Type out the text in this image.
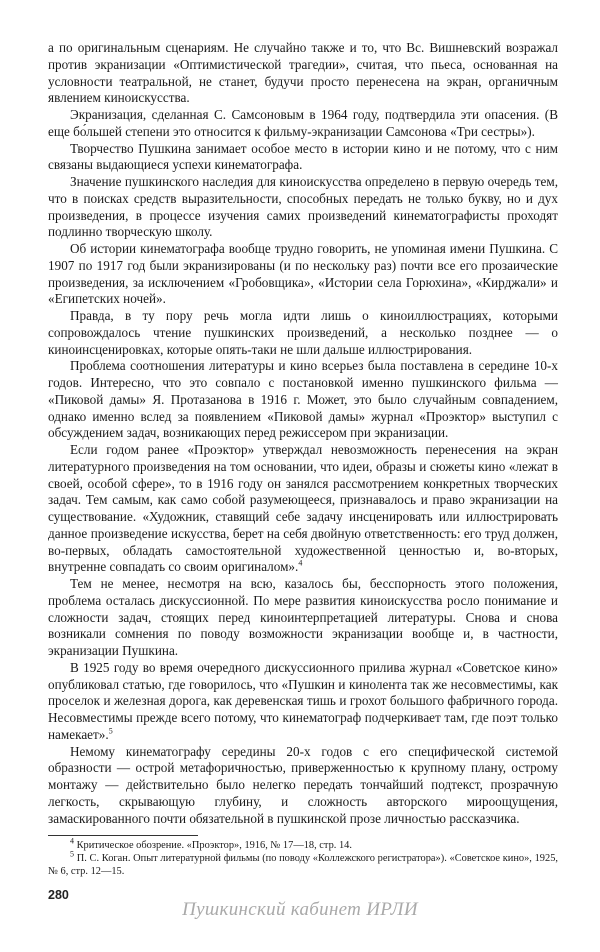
а по оригинальным сценариям. Не случайно также и то, что Вс. Вишневский возражал против экранизации «Оптимистической трагедии», считая, что пьеса, основанная на условности театральной, не станет, будучи просто перенесена на экран, органичным явлением киноискусства.

Экранизация, сделанная С. Самсоновым в 1964 году, подтвердила эти опасения. (В еще бо́льшей степени это относится к фильму-экранизации Самсонова «Три сестры»).

Творчество Пушкина занимает особое место в истории кино и не потому, что с ним связаны выдающиеся успехи кинематографа.

Значение пушкинского наследия для киноискусства определено в первую очередь тем, что в поисках средств выразительности, способных передать не только букву, но и дух произведения, в процессе изучения самих произведений кинематографисты проходят подлинно творческую школу.

Об истории кинематографа вообще трудно говорить, не упоминая имени Пушкина. С 1907 по 1917 год были экранизированы (и по нескольку раз) почти все его прозаические произведения, за исключением «Гробовщика», «Истории села Горюхина», «Кирджали» и «Египетских ночей».

Правда, в ту пору речь могла идти лишь о киноиллюстрациях, которыми сопровождалось чтение пушкинских произведений, а несколько позднее — о киноинсценировках, которые опять-таки не шли дальше иллюстрирования.

Проблема соотношения литературы и кино всерьез была поставлена в середине 10-х годов. Интересно, что это совпало с постановкой именно пушкинского фильма — «Пиковой дамы» Я. Протазанова в 1916 г. Может, это было случайным совпадением, однако именно вслед за появлением «Пиковой дамы» журнал «Проэктор» выступил с обсуждением задач, возникающих перед режиссером при экранизации.

Если годом ранее «Проэктор» утверждал невозможность перенесения на экран литературного произведения на том основании, что идеи, образы и сюжеты кино «лежат в своей, особой сфере», то в 1916 году он занялся рассмотрением конкретных творческих задач. Тем самым, как само собой разумеющееся, признавалось и право экранизации на существование. «Художник, ставящий себе задачу инсценировать или иллюстрировать данное произведение искусства, берет на себя двойную ответственность: его труд должен, во-первых, обладать самостоятельной художественной ценностью и, во-вторых, внутренне совпадать со своим оригиналом».$^4$

Тем не менее, несмотря на всю, казалось бы, бесспорность этого положения, проблема осталась дискуссионной. По мере развития киноискусства росло понимание и сложности задач, стоящих перед киноинтерпретацией литературы. Снова и снова возникали сомнения по поводу возможности экранизации вообще и, в частности, экранизации Пушкина.

В 1925 году во время очередного дискуссионного прилива журнал «Советское кино» опубликовал статью, где говорилось, что «Пушкин и кинолента так же несовместимы, как проселок и железная дорога, как деревенская тишь и грохот большого фабричного города. Несовместимы прежде всего потому, что кинематограф подчеркивает там, где поэт только намекает».$^5$

Немому кинематографу середины 20-х годов с его специфической системой образности — острой метафоричностью, приверженностью к крупному плану, острому монтажу — действительно было нелегко передать тончайший подтекст, прозрачную легкость, скрывающую глубину, и сложность авторского мироощущения, замаскированного почти обязательной в пушкинской прозе личностью рассказчика.

$^4$ Критическое обозрение. «Проэктор», 1916, № 17—18, стр. 14.

$^5$ П. С. Коган. Опыт литературной фильмы (по поводу «Коллежского регистратора»). «Советское кино», 1925, № 6, стр. 12—15.

280
Пушкинский кабинет ИРЛИ
